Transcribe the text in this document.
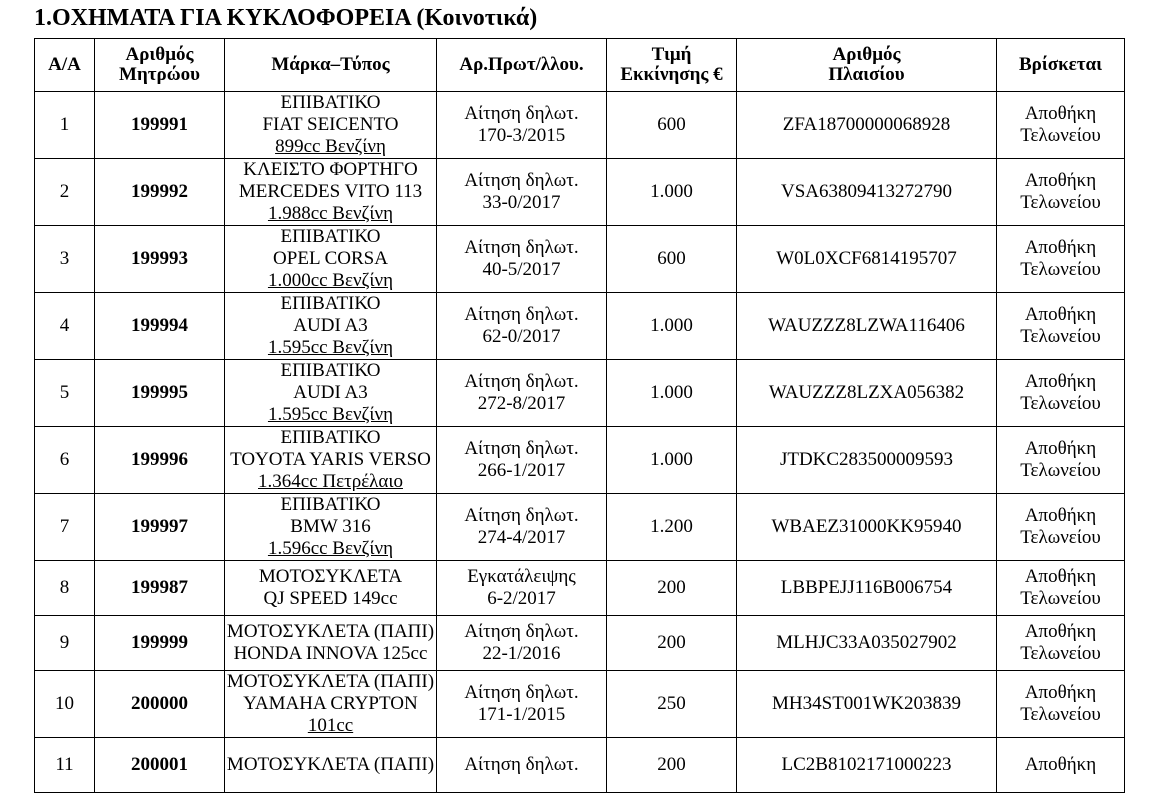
1.ΟΧΗΜΑΤΑ ΓΙΑ ΚΥΚΛΟΦΟΡΕΙΑ (Κοινοτικά)
Α/Α	Αριθμός
Μητρώου	Μάρκα–Τύπος	Αρ.Πρωτ/λλου.	Τιμή
Εκκίνησης €	Αριθμός
Πλαισίου	Βρίσκεται

1	199991	ΕΠΙΒΑΤΙΚΟ
FIAT SEICENTO
899cc Βενζίνη	Αίτηση δηλωτ.
170-3/2015	600	ZFA18700000068928	Αποθήκη
Τελωνείου

2	199992	ΚΛΕΙΣΤΟ ΦΟΡΤΗΓΟ
MERCEDES VITO 113
1.988cc Βενζίνη	Αίτηση δηλωτ.
33-0/2017	1.000	VSA63809413272790	Αποθήκη
Τελωνείου

3	199993	ΕΠΙΒΑΤΙΚΟ
OPEL CORSA
1.000cc Βενζίνη	Αίτηση δηλωτ.
40-5/2017	600	W0L0XCF6814195707	Αποθήκη
Τελωνείου

4	199994	ΕΠΙΒΑΤΙΚΟ
AUDI A3
1.595cc Βενζίνη	Αίτηση δηλωτ.
62-0/2017	1.000	WAUZZZ8LZWA116406	Αποθήκη
Τελωνείου

5	199995	ΕΠΙΒΑΤΙΚΟ
AUDI A3
1.595cc Βενζίνη	Αίτηση δηλωτ.
272-8/2017	1.000	WAUZZZ8LZXA056382	Αποθήκη
Τελωνείου

6	199996	ΕΠΙΒΑΤΙΚΟ
TOYOTA YARIS VERSO
1.364cc Πετρέλαιο	Αίτηση δηλωτ.
266-1/2017	1.000	JTDKC283500009593	Αποθήκη
Τελωνείου

7	199997	ΕΠΙΒΑΤΙΚΟ
BMW 316
1.596cc Βενζίνη	Αίτηση δηλωτ.
274-4/2017	1.200	WBAEZ31000KK95940	Αποθήκη
Τελωνείου

8	199987	ΜΟΤΟΣΥΚΛΕΤΑ
QJ SPEED 149cc	Εγκατάλειψης
6-2/2017	200	LBBPEJJ116B006754	Αποθήκη
Τελωνείου

9	199999	ΜΟΤΟΣΥΚΛΕΤΑ (ΠΑΠΙ)
HONDA INNOVA 125cc	Αίτηση δηλωτ.
22-1/2016	200	MLHJC33A035027902	Αποθήκη
Τελωνείου

10	200000	ΜΟΤΟΣΥΚΛΕΤΑ (ΠΑΠΙ)
YAMAHA CRYPTON
101cc	Αίτηση δηλωτ.
171-1/2015	250	MH34ST001WK203839	Αποθήκη
Τελωνείου

11	200001	ΜΟΤΟΣΥΚΛΕΤΑ (ΠΑΠΙ)	Αίτηση δηλωτ.	200	LC2B8102171000223	Αποθήκη
